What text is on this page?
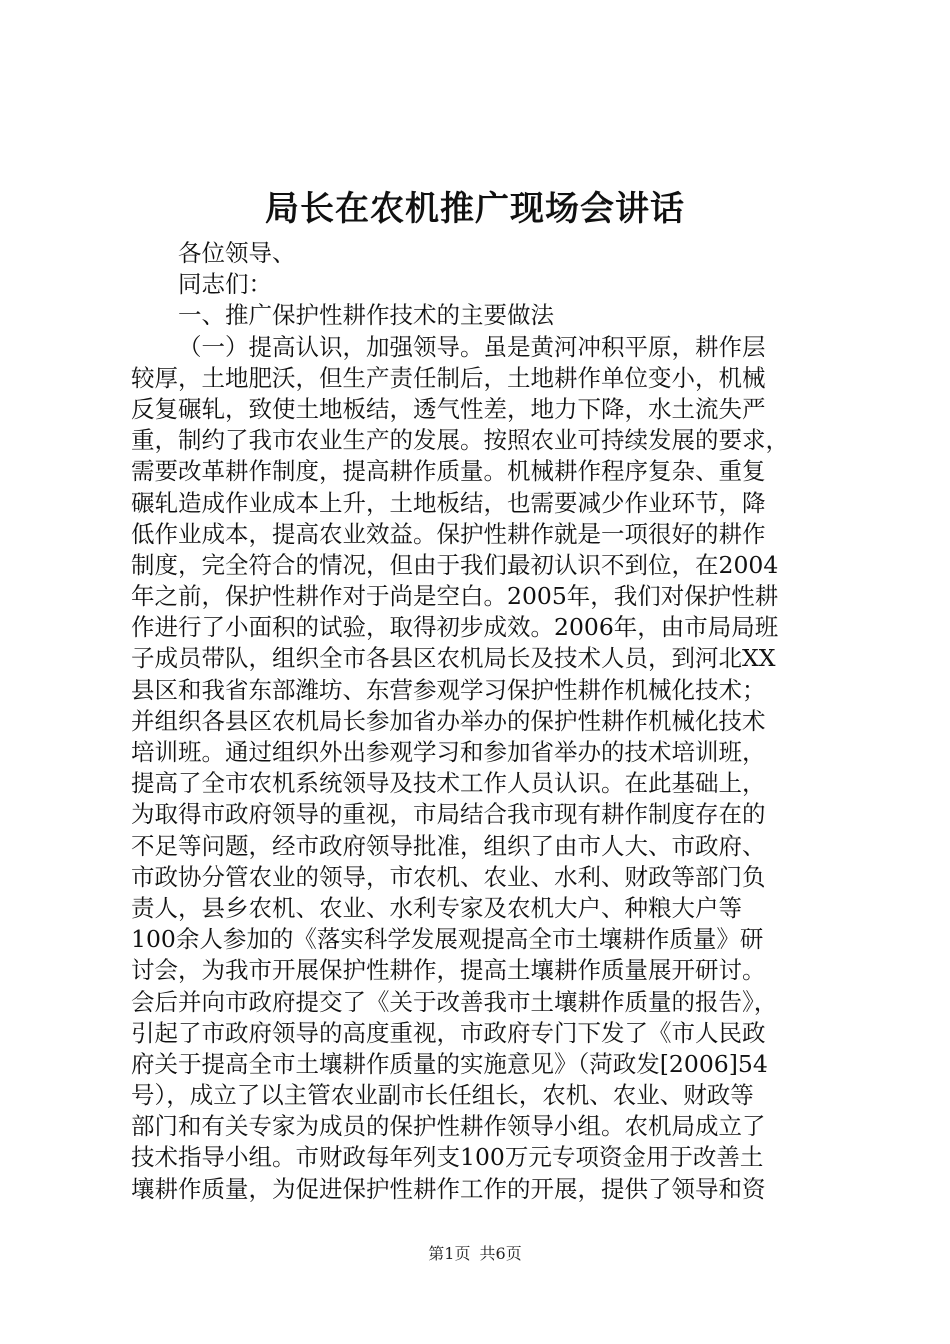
局长在农机推广现场会讲话
各位领导、
同志们：
一、推广保护性耕作技术的主要做法
（一）提高认识，加强领导。虽是黄河冲积平原，耕作层
较厚，土地肥沃，但生产责任制后，土地耕作单位变小，机械
反复碾轧，致使土地板结，透气性差，地力下降，水土流失严
重，制约了我市农业生产的发展。按照农业可持续发展的要求，
需要改革耕作制度，提高耕作质量。机械耕作程序复杂、重复
碾轧造成作业成本上升，土地板结，也需要减少作业环节，降
低作业成本，提高农业效益。保护性耕作就是一项很好的耕作
制度，完全符合的情况，但由于我们最初认识不到位，在2004
年之前，保护性耕作对于尚是空白。2005年，我们对保护性耕
作进行了小面积的试验，取得初步成效。2006年，由市局局班
子成员带队，组织全市各县区农机局长及技术人员，到河北XX
县区和我省东部潍坊、东营参观学习保护性耕作机械化技术；
并组织各县区农机局长参加省办举办的保护性耕作机械化技术
培训班。通过组织外出参观学习和参加省举办的技术培训班，
提高了全市农机系统领导及技术工作人员认识。在此基础上，
为取得市政府领导的重视，市局结合我市现有耕作制度存在的
不足等问题，经市政府领导批准，组织了由市人大、市政府、
市政协分管农业的领导，市农机、农业、水利、财政等部门负
责人，县乡农机、农业、水利专家及农机大户、种粮大户等
100余人参加的《落实科学发展观提高全市土壤耕作质量》研
讨会，为我市开展保护性耕作，提高土壤耕作质量展开研讨。
会后并向市政府提交了《关于改善我市土壤耕作质量的报告》，
引起了市政府领导的高度重视，市政府专门下发了《市人民政
府关于提高全市土壤耕作质量的实施意见》（菏政发[2006]54
号），成立了以主管农业副市长任组长，农机、农业、财政等
部门和有关专家为成员的保护性耕作领导小组。农机局成立了
技术指导小组。市财政每年列支100万元专项资金用于改善土
壤耕作质量，为促进保护性耕作工作的开展，提供了领导和资
第1页 共6页
